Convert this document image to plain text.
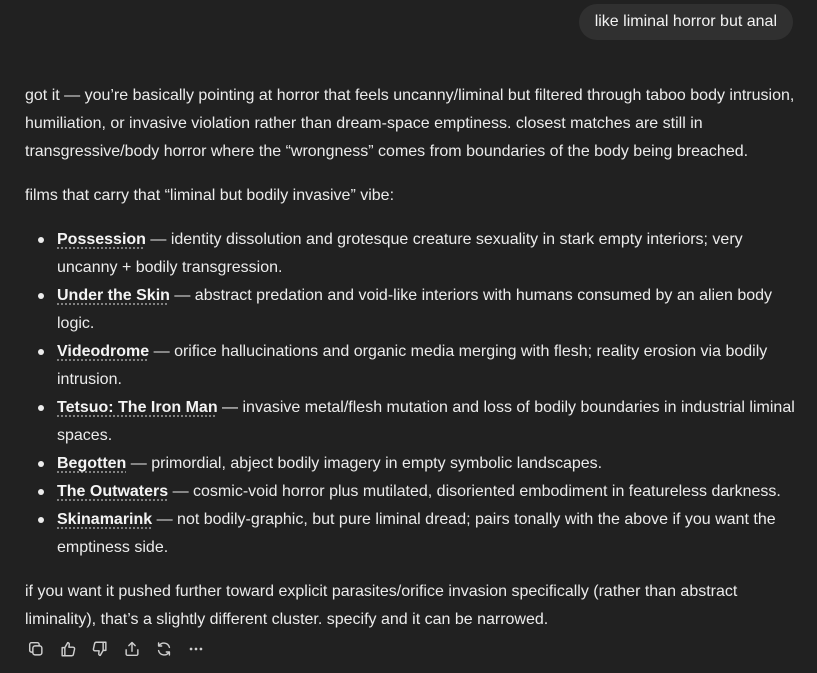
like liminal horror but anal

got it — you’re basically pointing at horror that feels uncanny/liminal but filtered through taboo body intrusion, humiliation, or invasive violation rather than dream-space emptiness. closest matches are still in transgressive/body horror where the “wrongness” comes from boundaries of the body being breached.

films that carry that “liminal but bodily invasive” vibe:

Possession — identity dissolution and grotesque creature sexuality in stark empty interiors; very uncanny + bodily transgression.
Under the Skin — abstract predation and void-like interiors with humans consumed by an alien body logic.
Videodrome — orifice hallucinations and organic media merging with flesh; reality erosion via bodily intrusion.
Tetsuo: The Iron Man — invasive metal/flesh mutation and loss of bodily boundaries in industrial liminal spaces.
Begotten — primordial, abject bodily imagery in empty symbolic landscapes.
The Outwaters — cosmic-void horror plus mutilated, disoriented embodiment in featureless darkness.
Skinamarink — not bodily-graphic, but pure liminal dread; pairs tonally with the above if you want the emptiness side.

if you want it pushed further toward explicit parasites/orifice invasion specifically (rather than abstract liminality), that’s a slightly different cluster. specify and it can be narrowed.
